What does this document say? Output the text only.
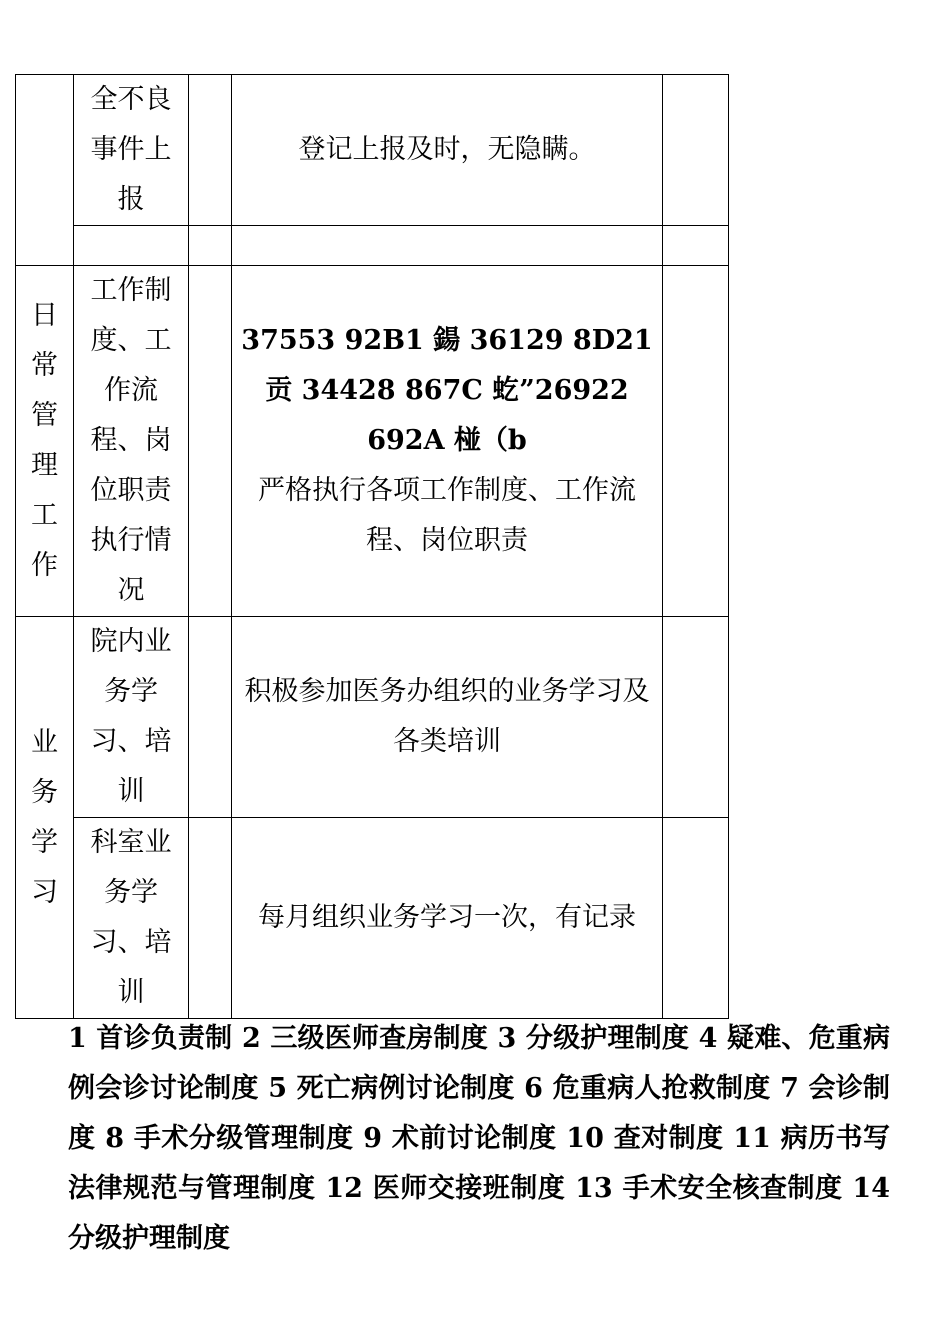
	全不良事件上报		登记上报及时，无隐瞒。	

日常管理工作	工作制度、工作流程、岗位职责执行情况		37553 92B1 鍚 36129 8D21 贡 34428 867C 虼”26922 692A 椪（b
严格执行各项工作制度、工作流程、岗位职责	

业务学习	院内业务学习、培训		积极参加医务办组织的业务学习及各类培训	

	科室业务学习、培训		每月组织业务学习一次，有记录	

1 首诊负责制 2 三级医师查房制度 3 分级护理制度 4 疑难、危重病例会诊讨论制度 5 死亡病例讨论制度 6 危重病人抢救制度 7 会诊制度 8 手术分级管理制度 9 术前讨论制度 10 查对制度 11 病历书写法律规范与管理制度 12 医师交接班制度 13 手术安全核查制度 14 分级护理制度
